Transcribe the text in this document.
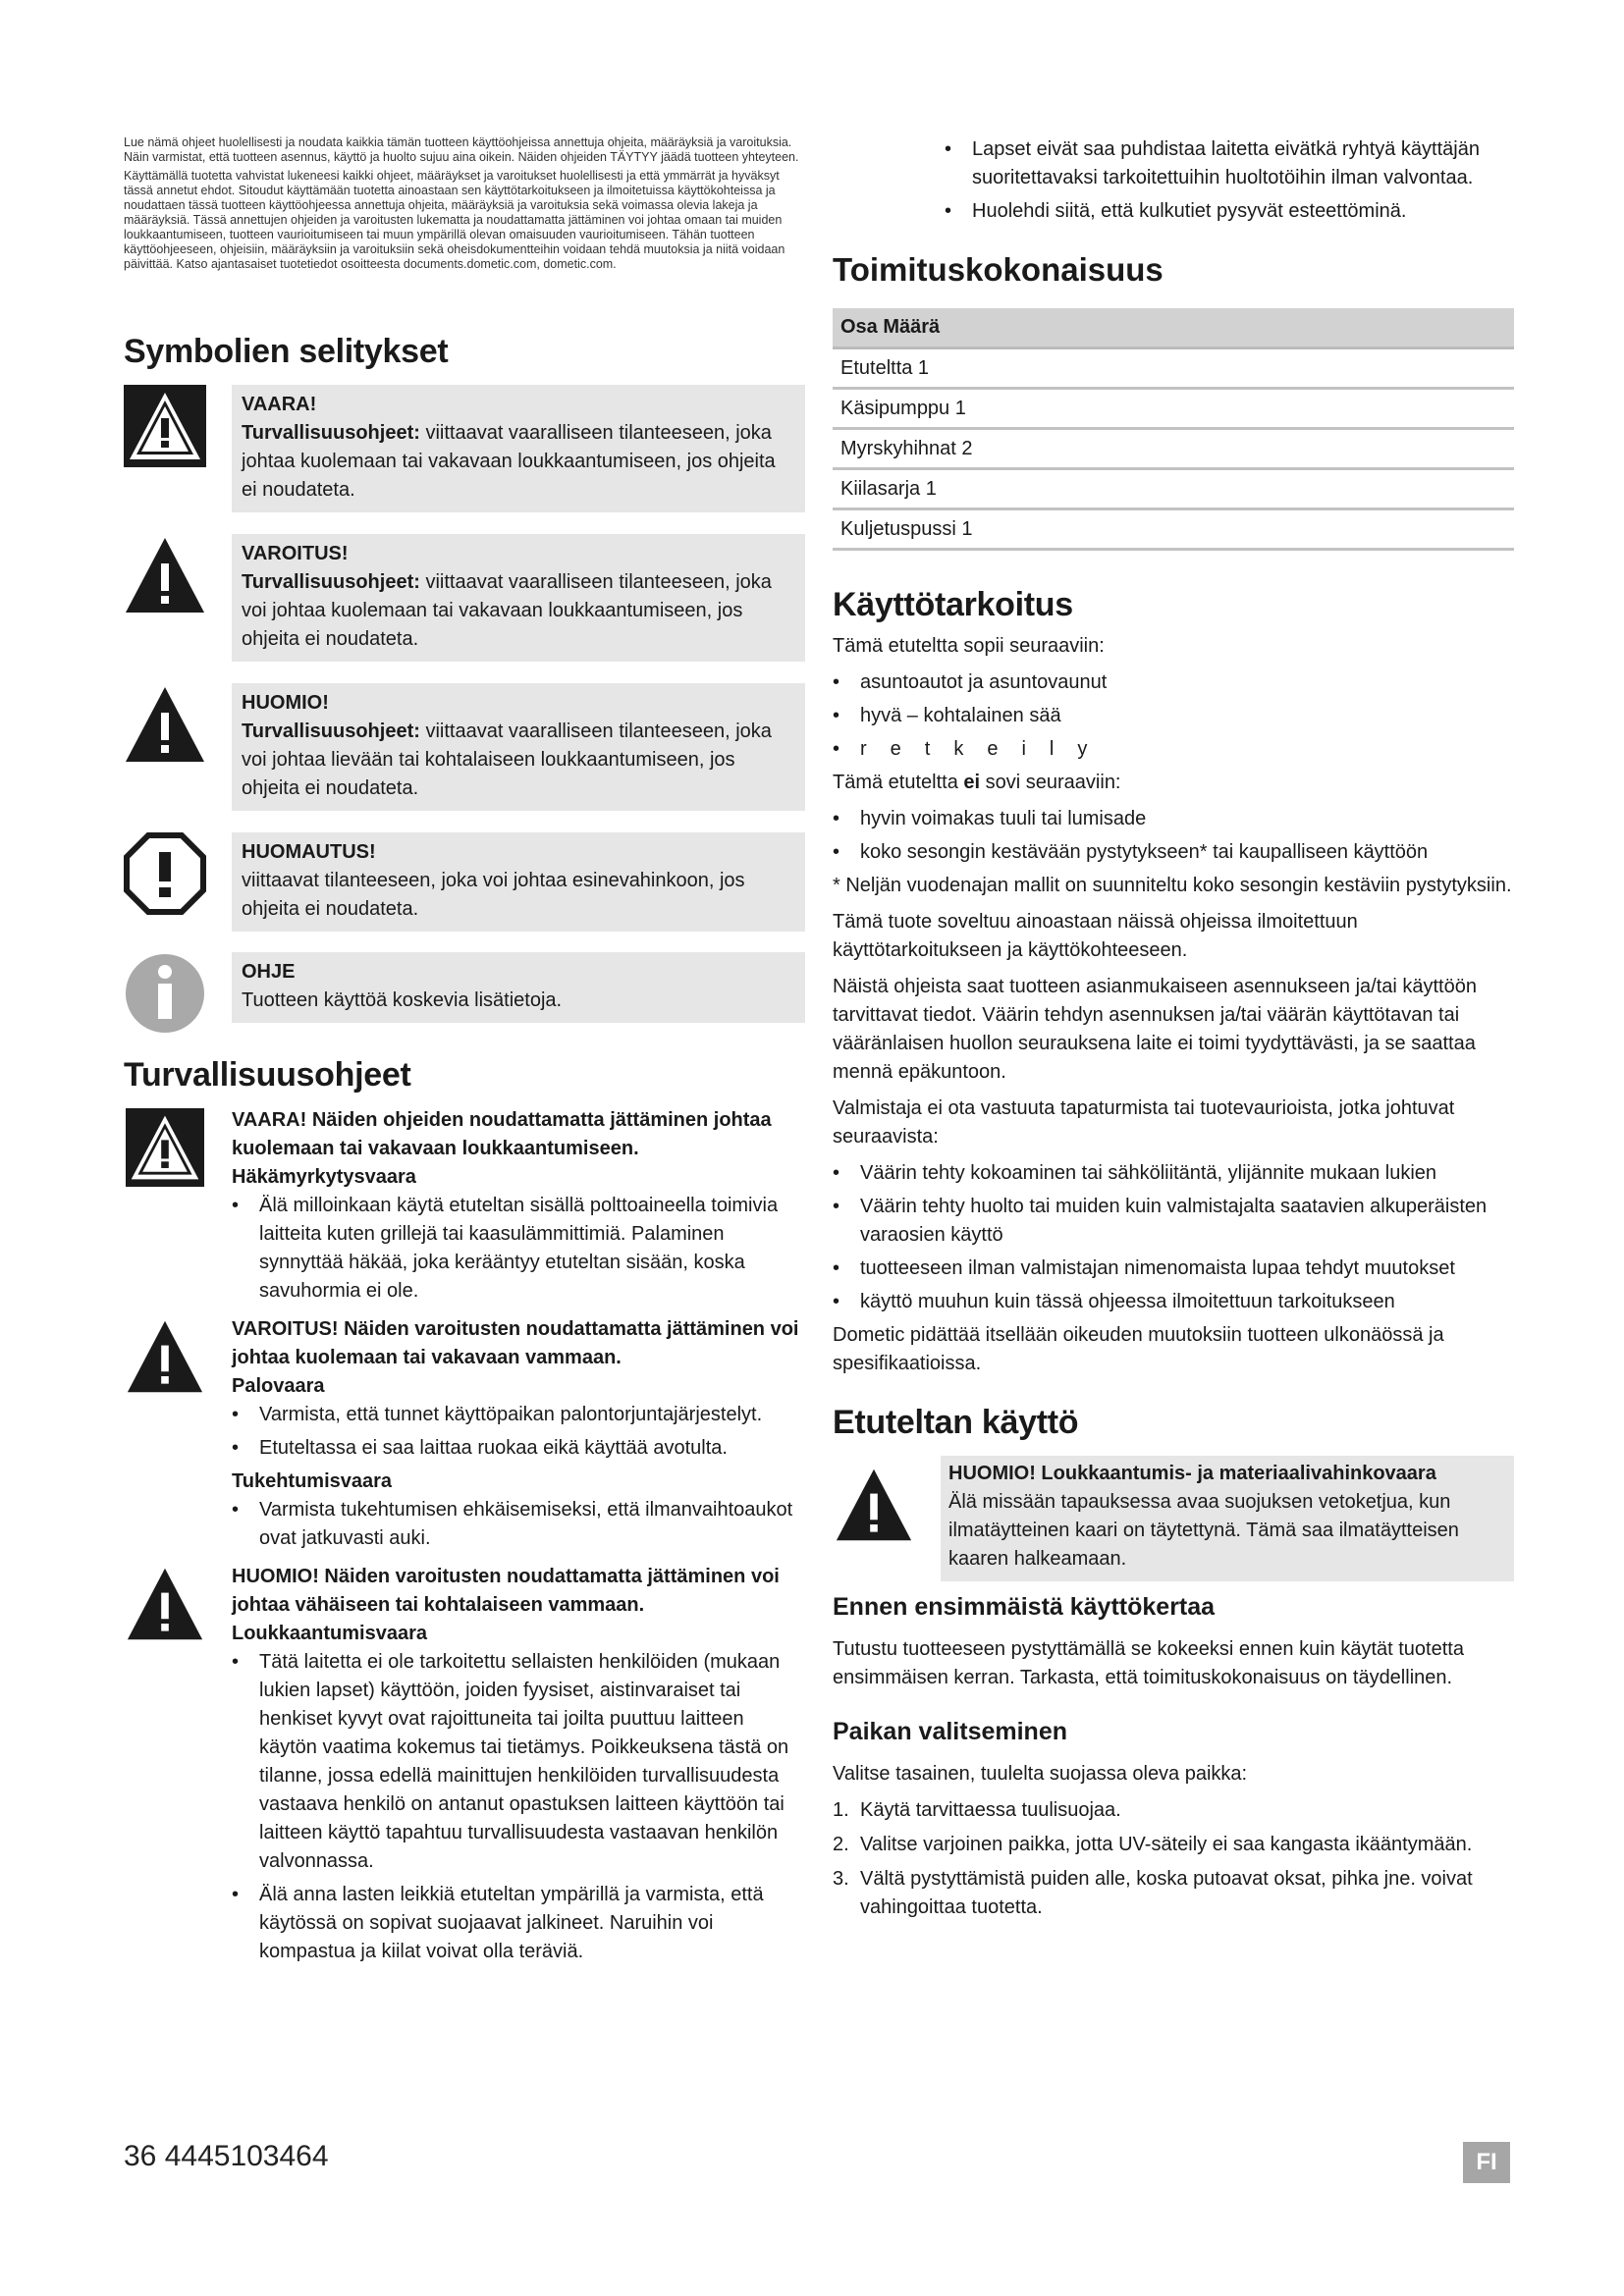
Lue nämä ohjeet huolellisesti ja noudata kaikkia tämän tuotteen käyttöohjeissa annettuja ohjeita, määräyksiä ja varoituksia. Näin varmistat, että tuotteen asennus, käyttö ja huolto sujuu aina oikein. Näiden ohjeiden TÄYTYY jäädä tuotteen yhteyteen.

Käyttämällä tuotetta vahvistat lukeneesi kaikki ohjeet, määräykset ja varoitukset huolellisesti ja että ymmärrät ja hyväksyt tässä annetut ehdot. Sitoudut käyttämään tuotetta ainoastaan sen käyttötarkoitukseen ja ilmoitetuissa käyttökohteissa ja noudattaen tässä tuotteen käyttöohjeessa annettuja ohjeita, määräyksiä ja varoituksia sekä voimassa olevia lakeja ja määräyksiä. Tässä annettujen ohjeiden ja varoitusten lukematta ja noudattamatta jättäminen voi johtaa omaan tai muiden loukkaantumiseen, tuotteen vaurioitumiseen tai muun ympärillä olevan omaisuuden vaurioitumiseen. Tähän tuotteen käyttöohjeeseen, ohjeisiin, määräyksiin ja varoituksiin sekä oheisdokumentteihin voidaan tehdä muutoksia ja niitä voidaan päivittää. Katso ajantasaiset tuotetiedot osoitteesta documents.dometic.com, dometic.com.

Symbolien selitykset
VAARA!
Turvallisuusohjeet: viittaavat vaaralliseen tilanteeseen, joka johtaa kuolemaan tai vakavaan loukkaantumiseen, jos ohjeita ei noudateta.
VAROITUS!
Turvallisuusohjeet: viittaavat vaaralliseen tilanteeseen, joka voi johtaa kuolemaan tai vakavaan loukkaantumiseen, jos ohjeita ei noudateta.
HUOMIO!
Turvallisuusohjeet: viittaavat vaaralliseen tilanteeseen, joka voi johtaa lievään tai kohtalaiseen loukkaantumiseen, jos ohjeita ei noudateta.
HUOMAUTUS!
viittaavat tilanteeseen, joka voi johtaa esinevahinkoon, jos ohjeita ei noudateta.
OHJE
Tuotteen käyttöä koskevia lisätietoja.
Turvallisuusohjeet
VAARA! Näiden ohjeiden noudattamatta jättäminen johtaa kuolemaan tai vakavaan loukkaantumiseen.
Häkämyrkytysvaara
• Älä milloinkaan käytä etuteltan sisällä polttoaineella toimivia laitteita kuten grillejä tai kaasulämmittimiä. Palaminen synnyttää häkää, joka kerääntyy etuteltan sisään, koska savuhormia ei ole.
VAROITUS! Näiden varoitusten noudattamatta jättäminen voi johtaa kuolemaan tai vakavaan vammaan.
Palovaara
• Varmista, että tunnet käyttöpaikan palontorjuntajärjestelyt.
• Etuteltassa ei saa laittaa ruokaa eikä käyttää avotulta.
Tukehtumisvaara
• Varmista tukehtumisen ehkäisemiseksi, että ilmanvaihtoaukot ovat jatkuvasti auki.
HUOMIO! Näiden varoitusten noudattamatta jättäminen voi johtaa vähäiseen tai kohtalaiseen vammaan.
Loukkaantumisvaara
• Tätä laitetta ei ole tarkoitettu sellaisten henkilöiden (mukaan lukien lapset) käyttöön, joiden fyysiset, aistinvaraiset tai henkiset kyvyt ovat rajoittuneita tai joilta puuttuu laitteen käytön vaatima kokemus tai tietämys. Poikkeuksena tästä on tilanne, jossa edellä mainittujen henkilöiden turvallisuudesta vastaava henkilö on antanut opastuksen laitteen käyttöön tai laitteen käyttö tapahtuu turvallisuudesta vastaavan henkilön valvonnassa.
• Älä anna lasten leikkiä etuteltan ympärillä ja varmista, että käytössä on sopivat suojaavat jalkineet. Naruihin voi kompastua ja kiilat voivat olla teräviä.
• Lapset eivät saa puhdistaa laitetta eivätkä ryhtyä käyttäjän suoritettavaksi tarkoitettuihin huoltotöihin ilman valvontaa.
• Huolehdi siitä, että kulkutiet pysyvät esteettöminä.
Toimituskokonaisuus
Osa Määrä
Etuteltta 1
Käsipumppu 1
Myrskyhihnat 2
Kiilasarja 1
Kuljetuspussi 1
Käyttötarkoitus

Tämä etuteltta sopii seuraaviin:

• asuntoautot ja asuntovaunut
• hyvä – kohtalainen sää
• retkeily

Tämä etuteltta ei sovi seuraaviin:

• hyvin voimakas tuuli tai lumisade
• koko sesongin kestävään pystytykseen* tai kaupalliseen käyttöön

* Neljän vuodenajan mallit on suunniteltu koko sesongin kestäviin pystytyksiin.

Tämä tuote soveltuu ainoastaan näissä ohjeissa ilmoitettuun käyttötarkoitukseen ja käyttökohteeseen.

Näistä ohjeista saat tuotteen asianmukaiseen asennukseen ja/tai käyttöön tarvittavat tiedot. Väärin tehdyn asennuksen ja/tai väärän käyttötavan tai vääränlaisen huollon seurauksena laite ei toimi tyydyttävästi, ja se saattaa mennä epäkuntoon.

Valmistaja ei ota vastuuta tapaturmista tai tuotevaurioista, jotka johtuvat seuraavista:

• Väärin tehty kokoaminen tai sähköliitäntä, ylijännite mukaan lukien
• Väärin tehty huolto tai muiden kuin valmistajalta saatavien alkuperäisten varaosien käyttö
• tuotteeseen ilman valmistajan nimenomaista lupaa tehdyt muutokset
• käyttö muuhun kuin tässä ohjeessa ilmoitettuun tarkoitukseen

Dometic pidättää itsellään oikeuden muutoksiin tuotteen ulkonäössä ja spesifikaatioissa.

Etuteltan käyttö
HUOMIO! Loukkaantumis- ja materiaalivahinkovaara
Älä missään tapauksessa avaa suojuksen vetoketjua, kun ilmatäytteinen kaari on täytettynä. Tämä saa ilmatäytteisen kaaren halkeamaan.
Ennen ensimmäistä käyttökertaa

Tutustu tuotteeseen pystyttämällä se kokeeksi ennen kuin käytät tuotetta ensimmäisen kerran. Tarkasta, että toimituskokonaisuus on täydellinen.

Paikan valitseminen

Valitse tasainen, tuulelta suojassa oleva paikka:

1. Käytä tarvittaessa tuulisuojaa.
2. Valitse varjoinen paikka, jotta UV-säteily ei saa kangasta ikääntymään.
3. Vältä pystyttämistä puiden alle, koska putoavat oksat, pihka jne. voivat vahingoittaa tuotetta.
36 4445103464	FI
